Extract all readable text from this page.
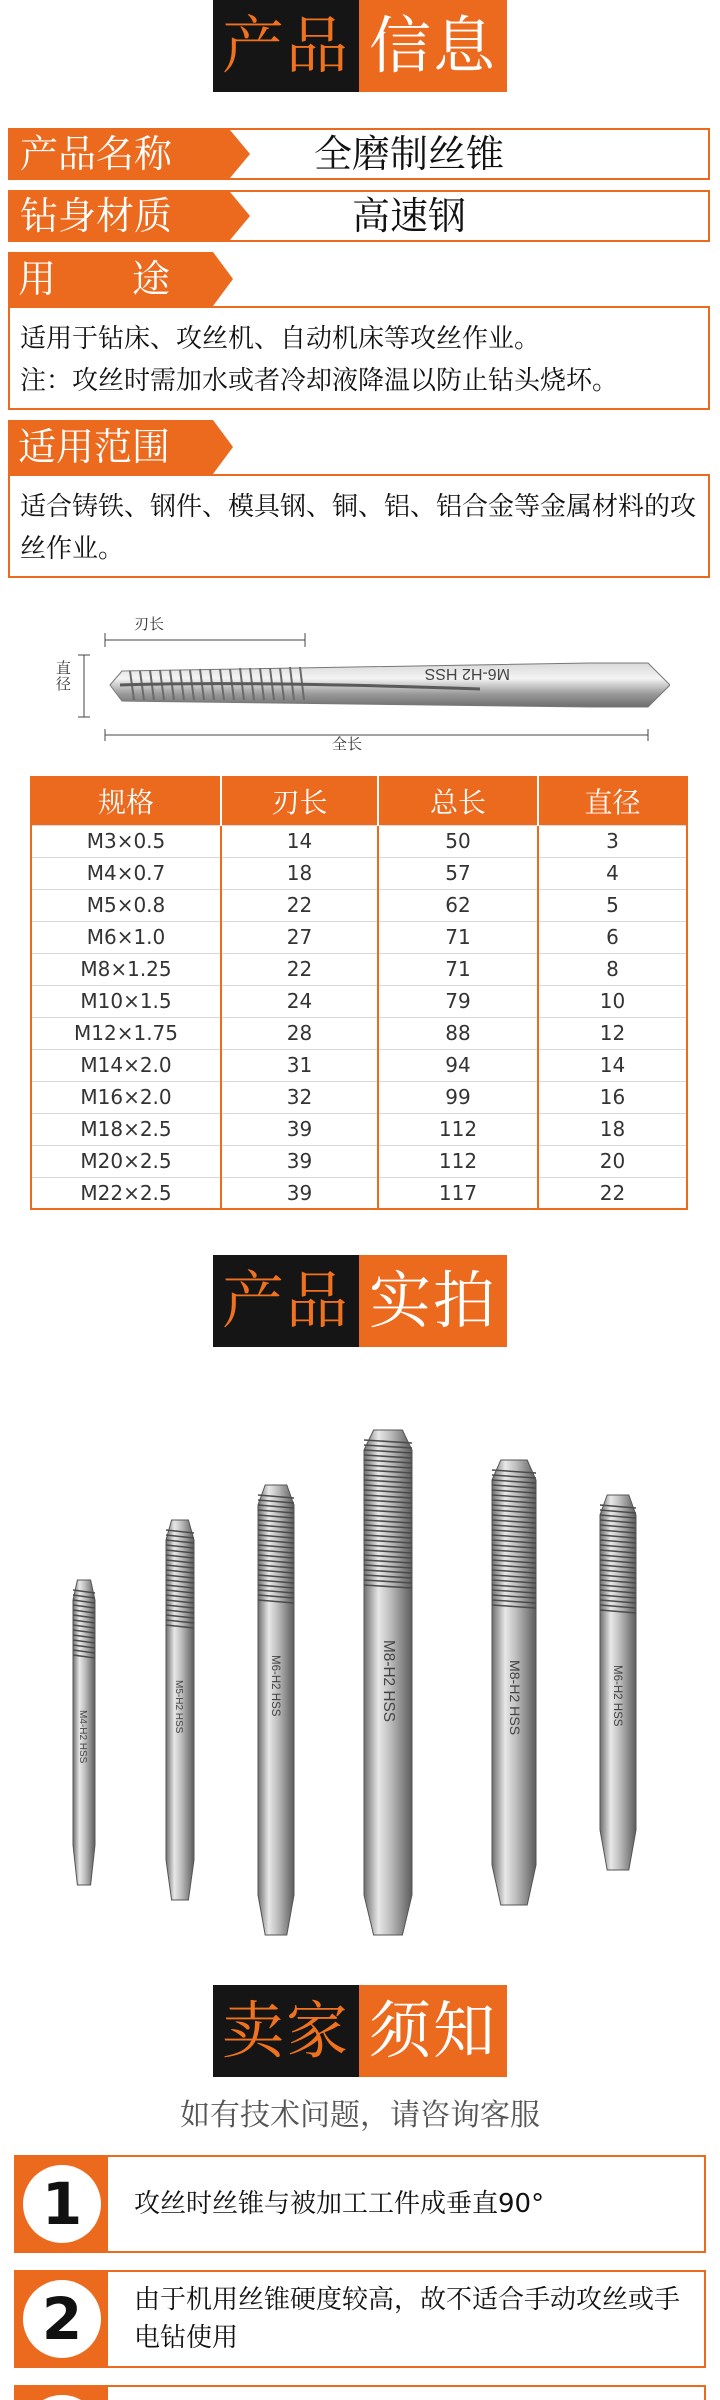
产品 信息
产品名称	全磨制丝锥
钻身材质	高速钢
用　　途
适用于钻床、攻丝机、自动机床等攻丝作业。
注：攻丝时需加水或者冷却液降温以防止钻头烧坏。
适用范围
适合铸铁、钢件、模具钢、铜、铝、铝合金等金属材料的攻丝作业。
刃长
直径
全长
M6-H2 HSS
规格	刃长	总长	直径
M3×0.5	14	50	3
M4×0.7	18	57	4
M5×0.8	22	62	5
M6×1.0	27	71	6
M8×1.25	22	71	8
M10×1.5	24	79	10
M12×1.75	28	88	12
M14×2.0	31	94	14
M16×2.0	32	99	16
M18×2.5	39	112	18
M20×2.5	39	112	20
M22×2.5	39	117	22
产品 实拍
M4-H2 HSS
M5-H2 HSS	M6-H2 HSS	M8-H2 HSS	M8-H2 HSS	M6-H2 HSS
卖家 须知
如有技术问题，请咨询客服
1	攻丝时丝锥与被加工工件成垂直90°
2	由于机用丝锥硬度较高，故不适合手动攻丝或手电钻使用
